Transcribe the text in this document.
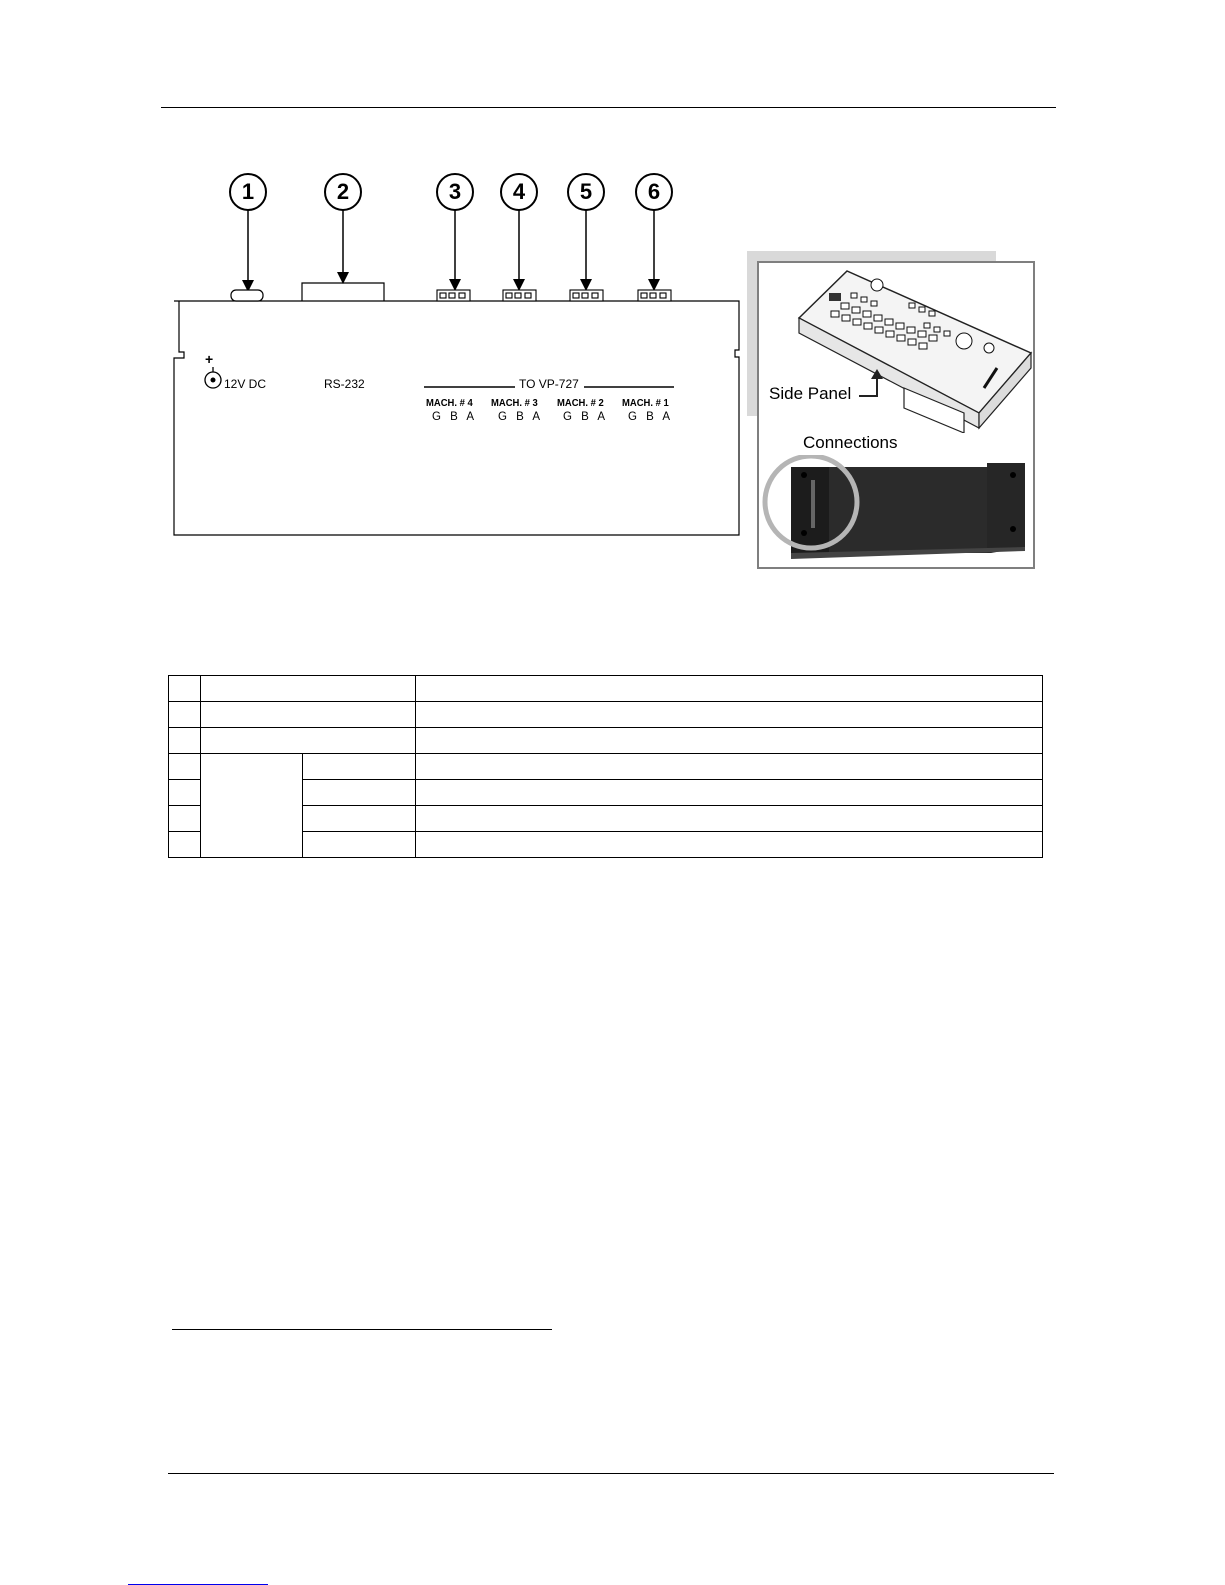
1	2	3	4	5	6
+
12V DC	RS-232	TO VP-727
MACH. # 4 MACH. # 3 MACH. # 2 MACH. # 1
G B A G B A G B A G B A
Side Panel
Connections
